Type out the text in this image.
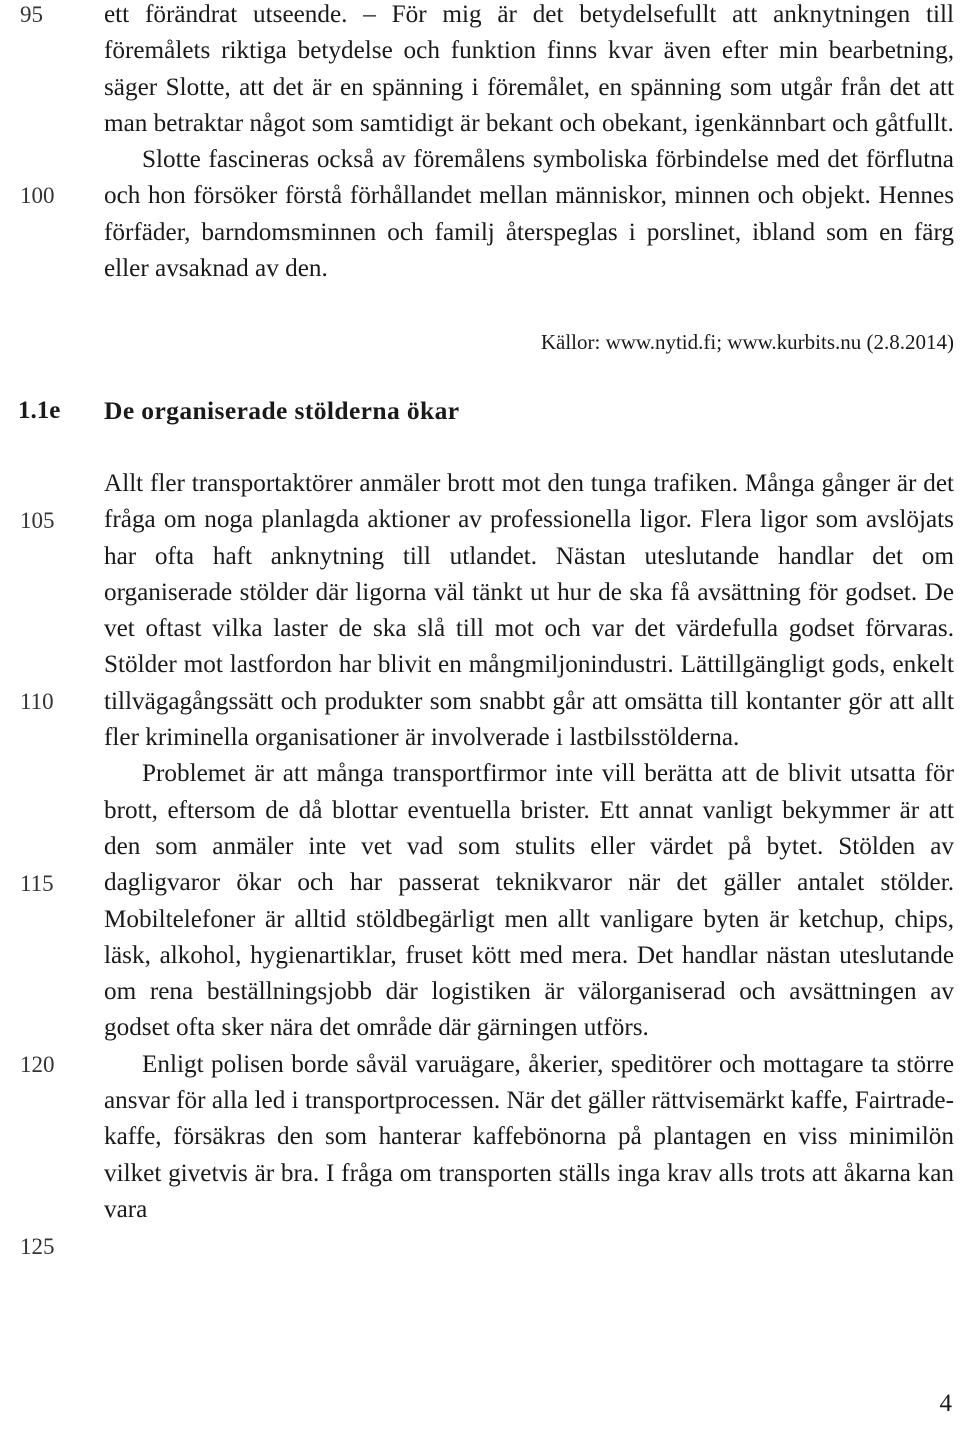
95
100
105
110
115
120
125

ett förändrat utseende. – För mig är det betydelsefullt att anknytningen till föremålets riktiga betydelse och funktion finns kvar även efter min bearbetning, säger Slotte, att det är en spänning i föremålet, en spänning som utgår från det att man betraktar något som samtidigt är bekant och obekant, igenkännbart och gåtfullt.

Slotte fascineras också av föremålens symboliska förbindelse med det förflutna och hon försöker förstå förhållandet mellan människor, minnen och objekt. Hennes förfäder, barndomsminnen och familj återspeglas i porslinet, ibland som en färg eller avsaknad av den.

Källor: www.nytid.fi; www.kurbits.nu (2.8.2014)
1.1e De organiserade stölderna ökar

Allt fler transportaktörer anmäler brott mot den tunga trafiken. Många gånger är det fråga om noga planlagda aktioner av professionella ligor. Flera ligor som avslöjats har ofta haft anknytning till utlandet. Nästan uteslutande handlar det om organiserade stölder där ligorna väl tänkt ut hur de ska få avsättning för godset. De vet oftast vilka laster de ska slå till mot och var det värdefulla godset förvaras. Stölder mot lastfordon har blivit en mångmiljonindustri. Lättillgängligt gods, enkelt tillvägagångssätt och produkter som snabbt går att omsätta till kontanter gör att allt fler kriminella organisationer är involverade i lastbilsstölderna.

Problemet är att många transportfirmor inte vill berätta att de blivit utsatta för brott, eftersom de då blottar eventuella brister. Ett annat vanligt bekymmer är att den som anmäler inte vet vad som stulits eller värdet på bytet. Stölden av dagligvaror ökar och har passerat teknikvaror när det gäller antalet stölder. Mobiltelefoner är alltid stöldbegärligt men allt vanligare byten är ketchup, chips, läsk, alkohol, hygienartiklar, fruset kött med mera. Det handlar nästan uteslutande om rena beställningsjobb där logistiken är välorganiserad och avsättningen av godset ofta sker nära det område där gärningen utförs.

Enligt polisen borde såväl varuägare, åkerier, speditörer och mottagare ta större ansvar för alla led i transportprocessen. När det gäller rättvisemärkt kaffe, Fairtrade-kaffe, försäkras den som hanterar kaffebönorna på plantagen en viss minimilön vilket givetvis är bra. I fråga om transporten ställs inga krav alls trots att åkarna kan vara

4
